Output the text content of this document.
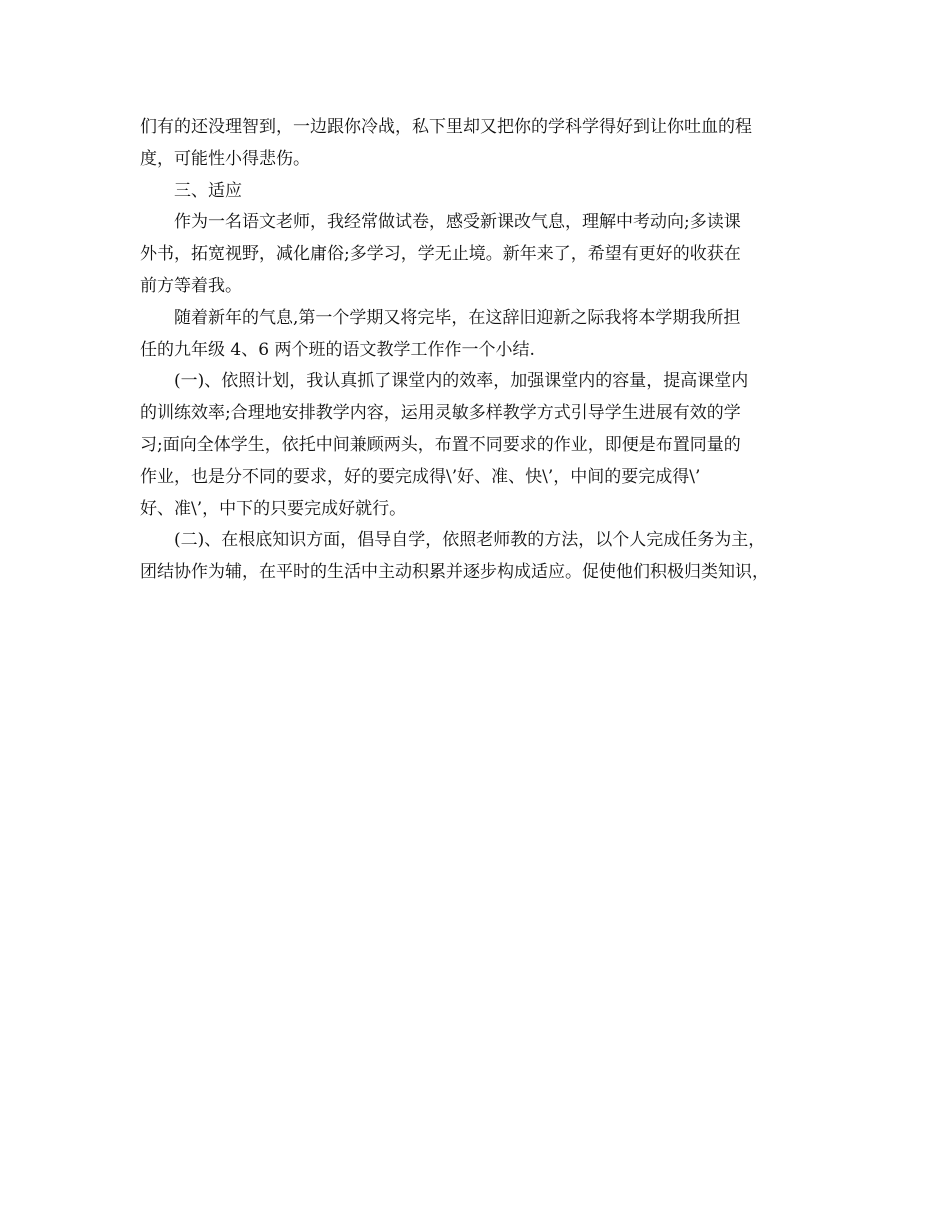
们有的还没理智到，一边跟你冷战，私下里却又把你的学科学得好到让你吐血的程
度，可能性小得悲伤。

三、适应

作为一名语文老师，我经常做试卷，感受新课改气息，理解中考动向;多读课
外书，拓宽视野，减化庸俗;多学习，学无止境。新年来了，希望有更好的收获在
前方等着我。

随着新年的气息,第一个学期又将完毕，在这辞旧迎新之际我将本学期我所担
任的九年级 4、6 两个班的语文教学工作作一个小结.

(一)、依照计划，我认真抓了课堂内的效率，加强课堂内的容量，提高课堂内
的训练效率;合理地安排教学内容，运用灵敏多样教学方式引导学生进展有效的学
习;面向全体学生，依托中间兼顾两头，布置不同要求的作业，即便是布置同量的
作业，也是分不同的要求，好的要完成得\’好、准、快\’，中间的要完成得\’
好、准\’，中下的只要完成好就行。

(二)、在根底知识方面，倡导自学，依照老师教的方法，以个人完成任务为主，
团结协作为辅，在平时的生活中主动积累并逐步构成适应。促使他们积极归类知识，
